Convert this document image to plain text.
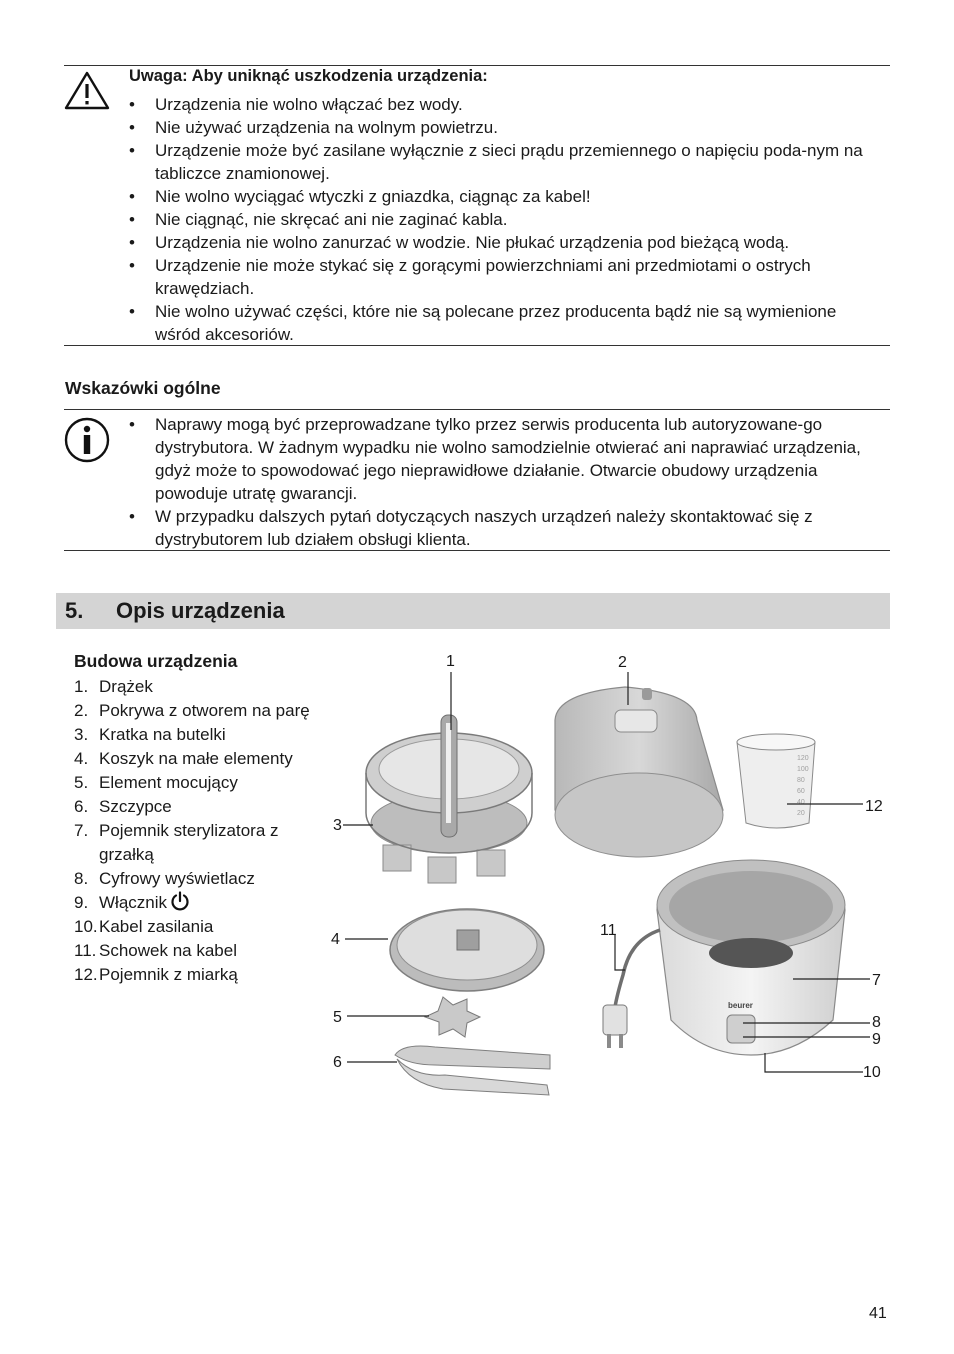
Uwaga: Aby uniknąć uszkodzenia urządzenia:
• Urządzenia nie wolno włączać bez wody.
• Nie używać urządzenia na wolnym powietrzu.
• Urządzenie może być zasilane wyłącznie z sieci prądu przemiennego o napięciu poda-nym na tabliczce znamionowej.
• Nie wolno wyciągać wtyczki z gniazdka, ciągnąc za kabel!
• Nie ciągnąć, nie skręcać ani nie zaginać kabla.
• Urządzenia nie wolno zanurzać w wodzie. Nie płukać urządzenia pod bieżącą wodą.
• Urządzenie nie może stykać się z gorącymi powierzchniami ani przedmiotami o ostrych krawędziach.
• Nie wolno używać części, które nie są polecane przez producenta bądź nie są wymienione wśród akcesoriów.
Wskazówki ogólne
• Naprawy mogą być przeprowadzane tylko przez serwis producenta lub autoryzowane-go dystrybutora. W żadnym wypadku nie wolno samodzielnie otwierać ani naprawiać urządzenia, gdyż może to spowodować jego nieprawidłowe działanie. Otwarcie obudowy urządzenia powoduje utratę gwarancji.
• W przypadku dalszych pytań dotyczących naszych urządzeń należy skontaktować się z dystrybutorem lub działem obsługi klienta.
5. Opis urządzenia
Budowa urządzenia
1. Drążek
2. Pokrywa z otworem na parę
3. Kratka na butelki
4. Koszyk na małe elementy
5. Element mocujący
6. Szczypce
7. Pojemnik sterylizatora z grzałką
8. Cyfrowy wyświetlacz
9. Włącznik
10. Kabel zasilania
11. Schowek na kabel
12. Pojemnik z miarką
120
100
80
60
40
20
beurer
1	2
3
4
5
6
7
8
9
10
11
12
41
